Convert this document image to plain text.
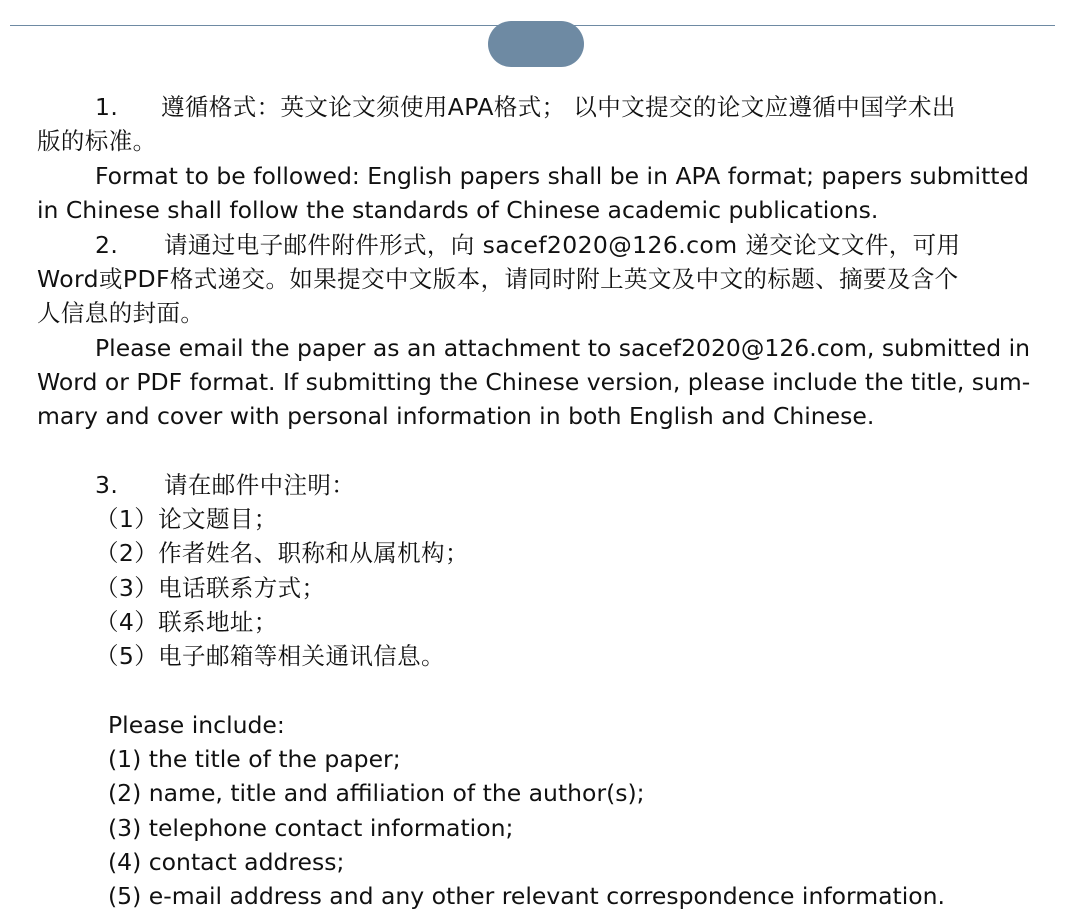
1. 遵循格式：英文论文须使用APA格式； 以中文提交的论文应遵循中国学术出
版的标准。
Format to be followed: English papers shall be in APA format; papers submitted
in Chinese shall follow the standards of Chinese academic publications.
2. 请通过电子邮件附件形式，向 sacef2020@126.com 递交论文文件，可用
Word或PDF格式递交。如果提交中文版本，请同时附上英文及中文的标题、摘要及含个
人信息的封面。
Please email the paper as an attachment to sacef2020@126.com, submitted in
Word or PDF format. If submitting the Chinese version, please include the title, sum-
mary and cover with personal information in both English and Chinese.
3. 请在邮件中注明：
（1）论文题目；
（2）作者姓名、职称和从属机构；
（3）电话联系方式；
（4）联系地址；
（5）电子邮箱等相关通讯信息。
Please include:
(1) the title of the paper;
(2) name, title and affiliation of the author(s);
(3) telephone contact information;
(4) contact address;
(5) e-mail address and any other relevant correspondence information.
